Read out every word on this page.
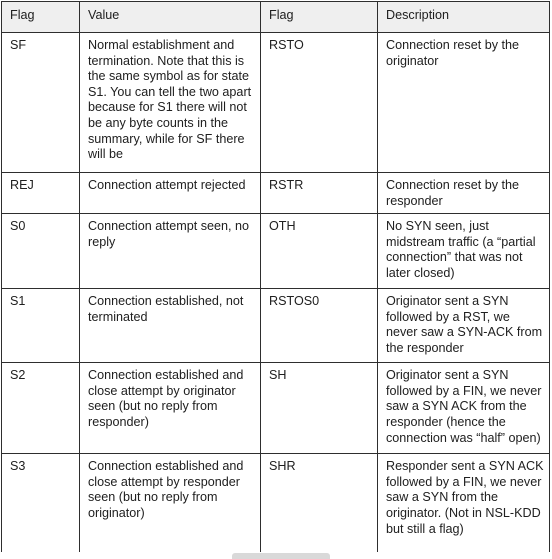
Flag	Value	Flag	Description
SF	Normal establishment and termination. Note that this is the same symbol as for state S1. You can tell the two apart because for S1 there will not be any byte counts in the summary, while for SF there will be	RSTO	Connection reset by the originator
REJ	Connection attempt rejected	RSTR	Connection reset by the responder
S0	Connection attempt seen, no reply	OTH	No SYN seen, just midstream traffic (a “partial connection” that was not later closed)
S1	Connection established, not terminated	RSTOS0	Originator sent a SYN followed by a RST, we never saw a SYN-ACK from the responder
S2	Connection established and close attempt by originator seen (but no reply from responder)	SH	Originator sent a SYN followed by a FIN, we never saw a SYN ACK from the responder (hence the connection was “half” open)
S3	Connection established and close attempt by responder seen (but no reply from originator)	SHR	Responder sent a SYN ACK followed by a FIN, we never saw a SYN from the originator. (Not in NSL-KDD but still a flag)
